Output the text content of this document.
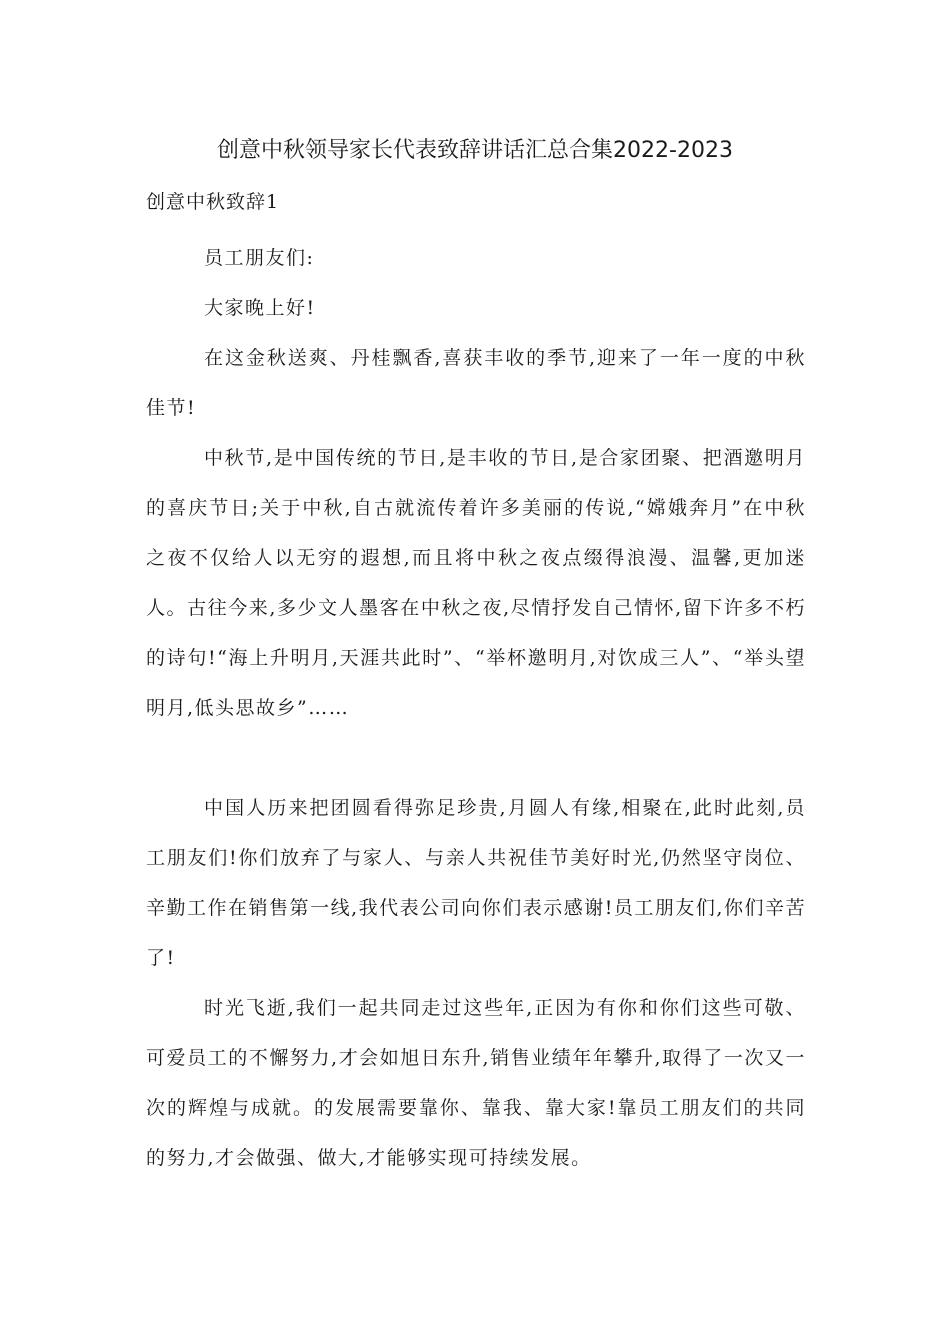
创意中秋领导家长代表致辞讲话汇总合集2022-2023

创意中秋致辞1

员工朋友们:

大家晚上好!

在这金秋送爽、丹桂飘香,喜获丰收的季节,迎来了一年一度的中秋佳节!

中秋节,是中国传统的节日,是丰收的节日,是合家团聚、把酒邀明月的喜庆节日;关于中秋,自古就流传着许多美丽的传说,“嫦娥奔月”在中秋之夜不仅给人以无穷的遐想,而且将中秋之夜点缀得浪漫、温馨,更加迷人。古往今来,多少文人墨客在中秋之夜,尽情抒发自己情怀,留下许多不朽的诗句!“海上升明月,天涯共此时”、“举杯邀明月,对饮成三人”、“举头望明月,低头思故乡”……

中国人历来把团圆看得弥足珍贵,月圆人有缘,相聚在,此时此刻,员工朋友们!你们放弃了与家人、与亲人共祝佳节美好时光,仍然坚守岗位、辛勤工作在销售第一线,我代表公司向你们表示感谢!员工朋友们,你们辛苦了!

时光飞逝,我们一起共同走过这些年,正因为有你和你们这些可敬、可爱员工的不懈努力,才会如旭日东升,销售业绩年年攀升,取得了一次又一次的辉煌与成就。的发展需要靠你、靠我、靠大家!靠员工朋友们的共同的努力,才会做强、做大,才能够实现可持续发展。
